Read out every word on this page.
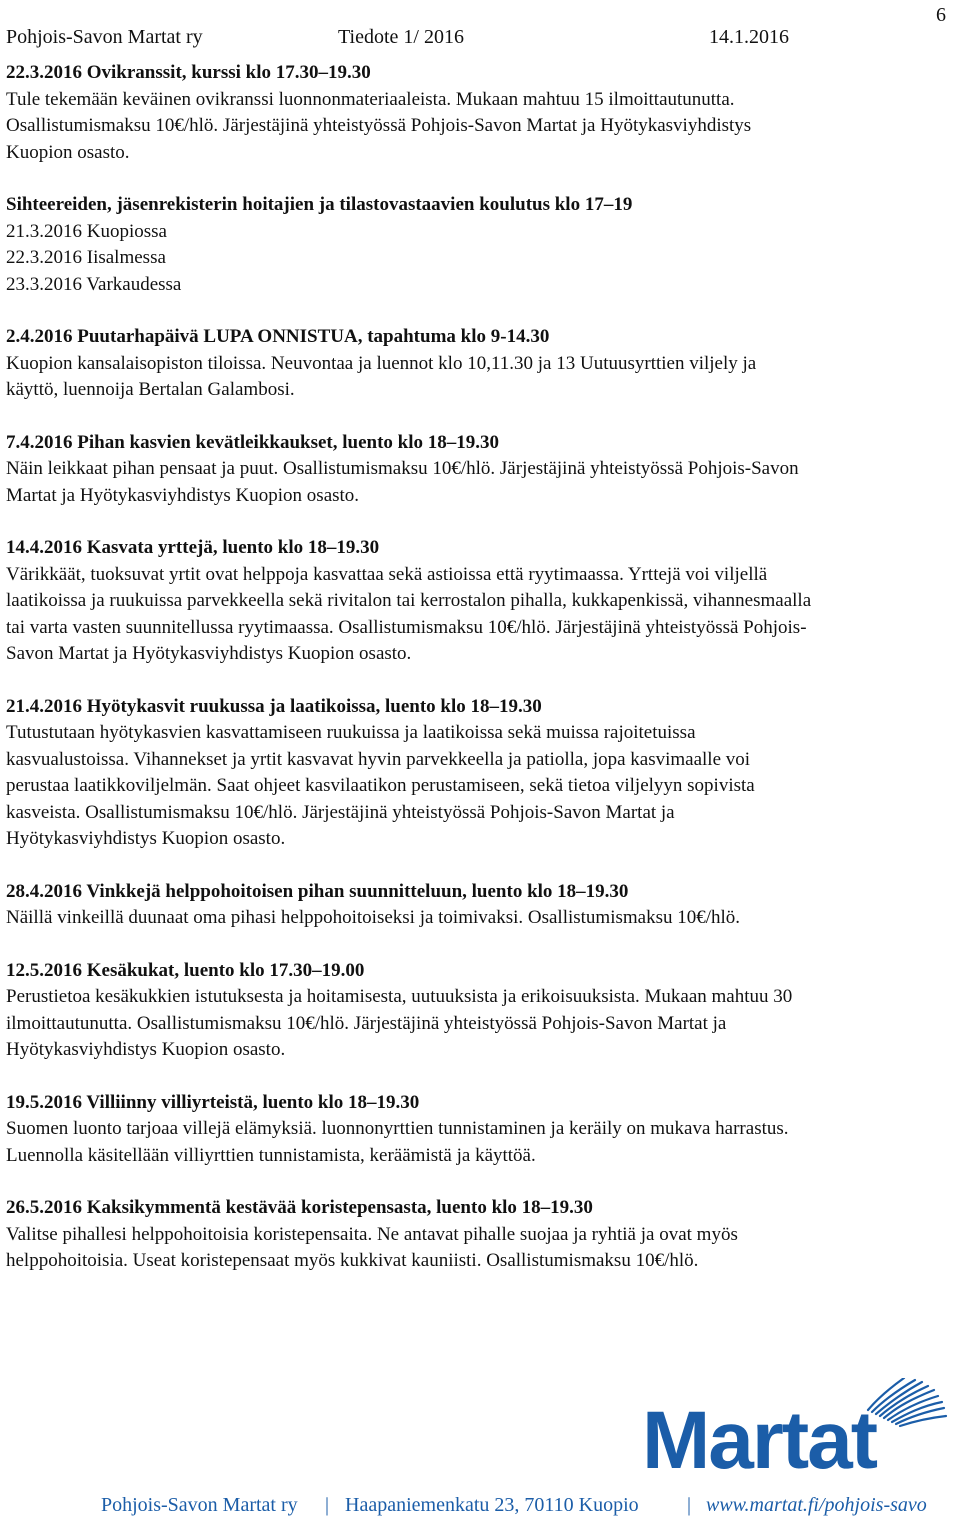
Pohjois-Savon Martat ry	Tiedote 1/ 2016	14.1.2016
6
22.3.2016 Ovikranssit, kurssi klo 17.30–19.30
Tule tekemään keväinen ovikranssi luonnonmateriaaleista. Mukaan mahtuu 15 ilmoittautunutta.
Osallistumismaksu 10€/hlö. Järjestäjinä yhteistyössä Pohjois-Savon Martat ja Hyötykasviyhdistys
Kuopion osasto.
Sihteereiden, jäsenrekisterin hoitajien ja tilastovastaavien koulutus klo 17–19
21.3.2016 Kuopiossa
22.3.2016 Iisalmessa
23.3.2016 Varkaudessa
2.4.2016 Puutarhapäivä LUPA ONNISTUA, tapahtuma klo 9-14.30
Kuopion kansalaisopiston tiloissa. Neuvontaa ja luennot klo 10,11.30 ja 13 Uutuusyrttien viljely ja
käyttö, luennoija Bertalan Galambosi.
7.4.2016 Pihan kasvien kevätleikkaukset, luento klo 18–19.30
Näin leikkaat pihan pensaat ja puut. Osallistumismaksu 10€/hlö. Järjestäjinä yhteistyössä Pohjois-Savon
Martat ja Hyötykasviyhdistys Kuopion osasto.
14.4.2016 Kasvata yrttejä, luento klo 18–19.30
Värikkäät, tuoksuvat yrtit ovat helppoja kasvattaa sekä astioissa että ryytimaassa. Yrttejä voi viljellä
laatikoissa ja ruukuissa parvekkeella sekä rivitalon tai kerrostalon pihalla, kukkapenkissä, vihannesmaalla
tai varta vasten suunnitellussa ryytimaassa. Osallistumismaksu 10€/hlö. Järjestäjinä yhteistyössä Pohjois-
Savon Martat ja Hyötykasviyhdistys Kuopion osasto.
21.4.2016 Hyötykasvit ruukussa ja laatikoissa, luento klo 18–19.30
Tutustutaan hyötykasvien kasvattamiseen ruukuissa ja laatikoissa sekä muissa rajoitetuissa
kasvualustoissa. Vihannekset ja yrtit kasvavat hyvin parvekkeella ja patiolla, jopa kasvimaalle voi
perustaa laatikkoviljelmän. Saat ohjeet kasvilaatikon perustamiseen, sekä tietoa viljelyyn sopivista
kasveista. Osallistumismaksu 10€/hlö. Järjestäjinä yhteistyössä Pohjois-Savon Martat ja
Hyötykasviyhdistys Kuopion osasto.
28.4.2016 Vinkkejä helppohoitoisen pihan suunnitteluun, luento klo 18–19.30
Näillä vinkeillä duunaat oma pihasi helppohoitoiseksi ja toimivaksi. Osallistumismaksu 10€/hlö.
12.5.2016 Kesäkukat, luento klo 17.30–19.00
Perustietoa kesäkukkien istutuksesta ja hoitamisesta, uutuuksista ja erikoisuuksista. Mukaan mahtuu 30
ilmoittautunutta. Osallistumismaksu 10€/hlö. Järjestäjinä yhteistyössä Pohjois-Savon Martat ja
Hyötykasviyhdistys Kuopion osasto.
19.5.2016 Villiinny villiyrteistä, luento klo 18–19.30
Suomen luonto tarjoaa villejä elämyksiä. luonnonyrttien tunnistaminen ja keräily on mukava harrastus.
Luennolla käsitellään villiyrttien tunnistamista, keräämistä ja käyttöä.
26.5.2016 Kaksikymmentä kestävää koristepensasta, luento klo 18–19.30
Valitse pihallesi helppohoitoisia koristepensaita. Ne antavat pihalle suojaa ja ryhtiä ja ovat myös
helppohoitoisia. Useat koristepensaat myös kukkivat kauniisti. Osallistumismaksu 10€/hlö.
Martat
Pohjois-Savon Martat ry | Haapaniemenkatu 23, 70110 Kuopio | www.martat.fi/pohjois-savo
